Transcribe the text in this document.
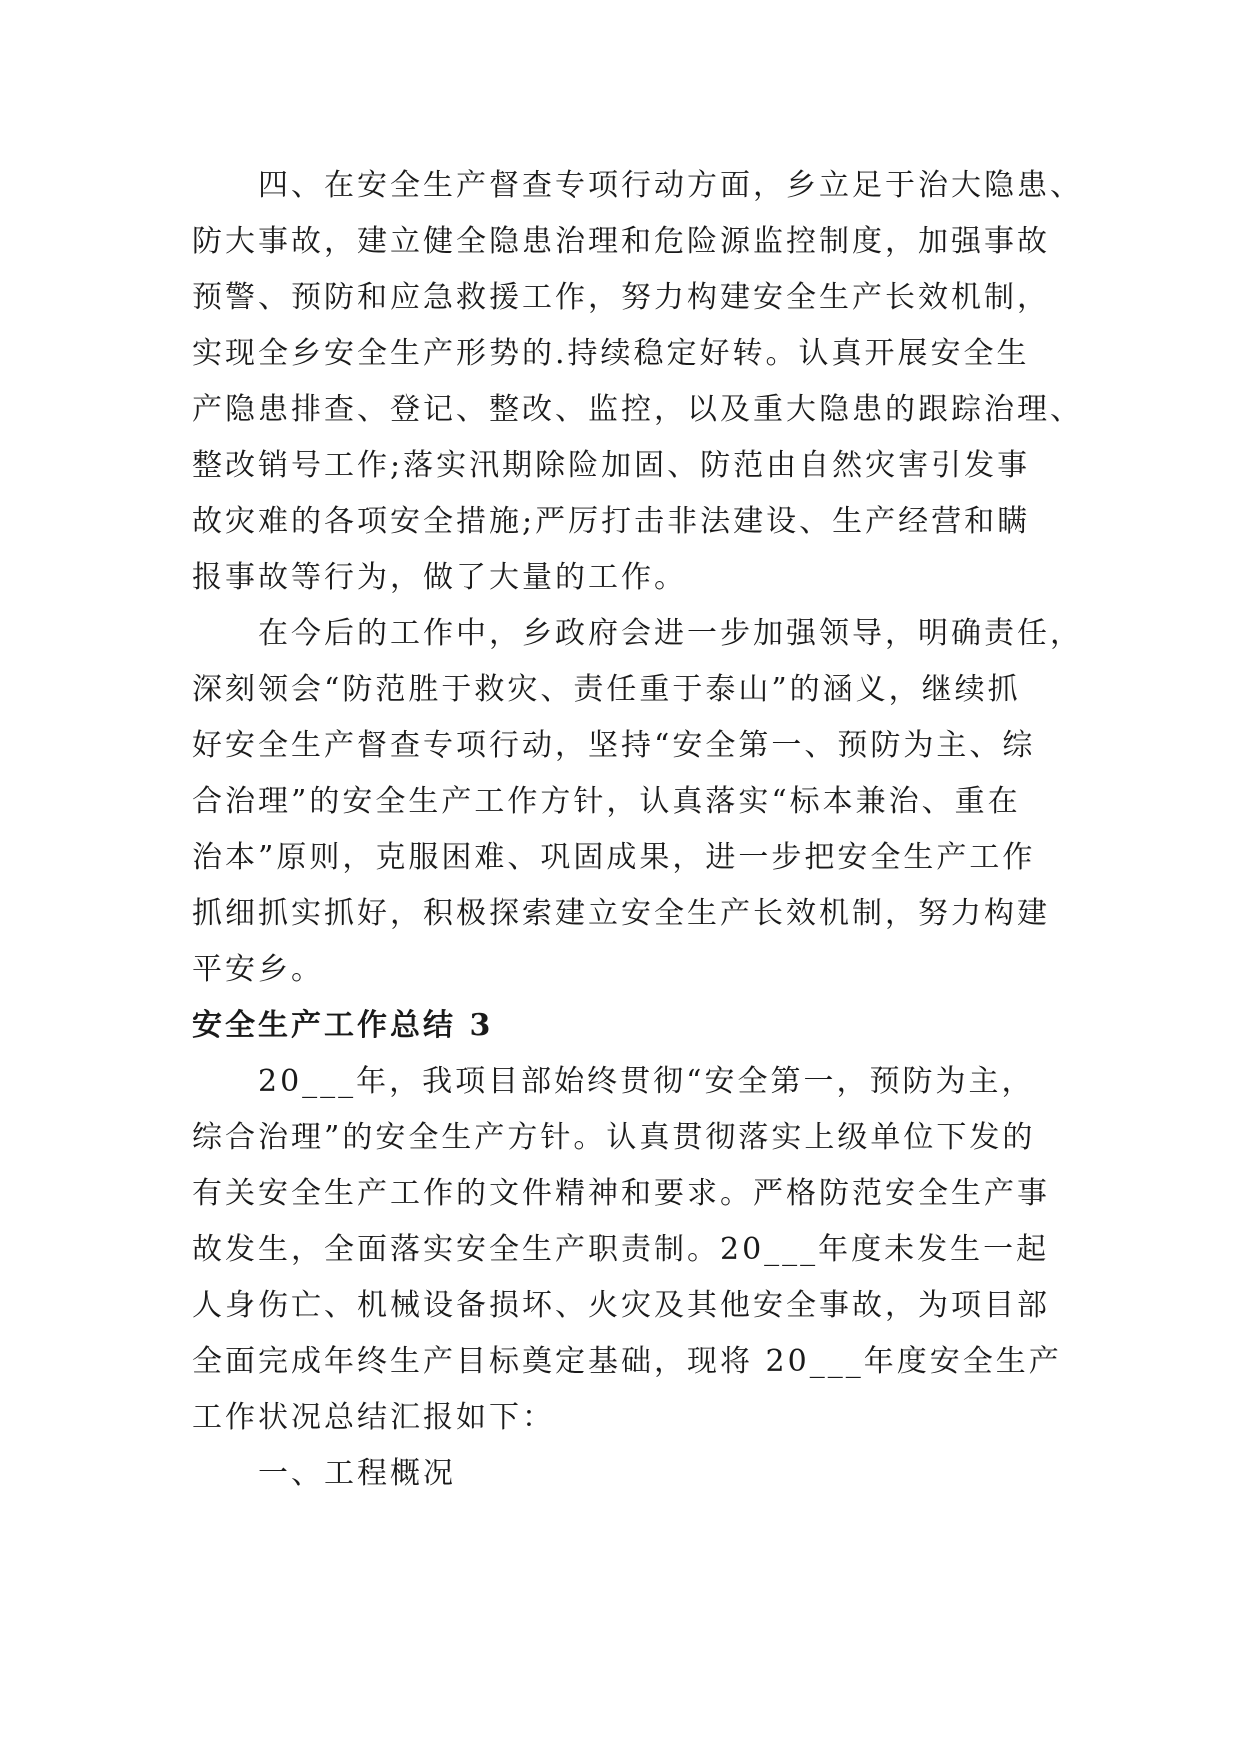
四、在安全生产督查专项行动方面，乡立足于治大隐患、
防大事故，建立健全隐患治理和危险源监控制度，加强事故
预警、预防和应急救援工作，努力构建安全生产长效机制，
实现全乡安全生产形势的.持续稳定好转。认真开展安全生
产隐患排查、登记、整改、监控，以及重大隐患的跟踪治理、
整改销号工作;落实汛期除险加固、防范由自然灾害引发事
故灾难的各项安全措施;严厉打击非法建设、生产经营和瞒
报事故等行为，做了大量的工作。

在今后的工作中，乡政府会进一步加强领导，明确责任，
深刻领会“防范胜于救灾、责任重于泰山”的涵义，继续抓
好安全生产督查专项行动，坚持“安全第一、预防为主、综
合治理”的安全生产工作方针，认真落实“标本兼治、重在
治本”原则，克服困难、巩固成果，进一步把安全生产工作
抓细抓实抓好，积极探索建立安全生产长效机制，努力构建
平安乡。

安全生产工作总结 3

20___年，我项目部始终贯彻“安全第一，预防为主，
综合治理”的安全生产方针。认真贯彻落实上级单位下发的
有关安全生产工作的文件精神和要求。严格防范安全生产事
故发生，全面落实安全生产职责制。20___年度未发生一起
人身伤亡、机械设备损坏、火灾及其他安全事故，为项目部
全面完成年终生产目标奠定基础，现将 20___年度安全生产
工作状况总结汇报如下：

一、工程概况
